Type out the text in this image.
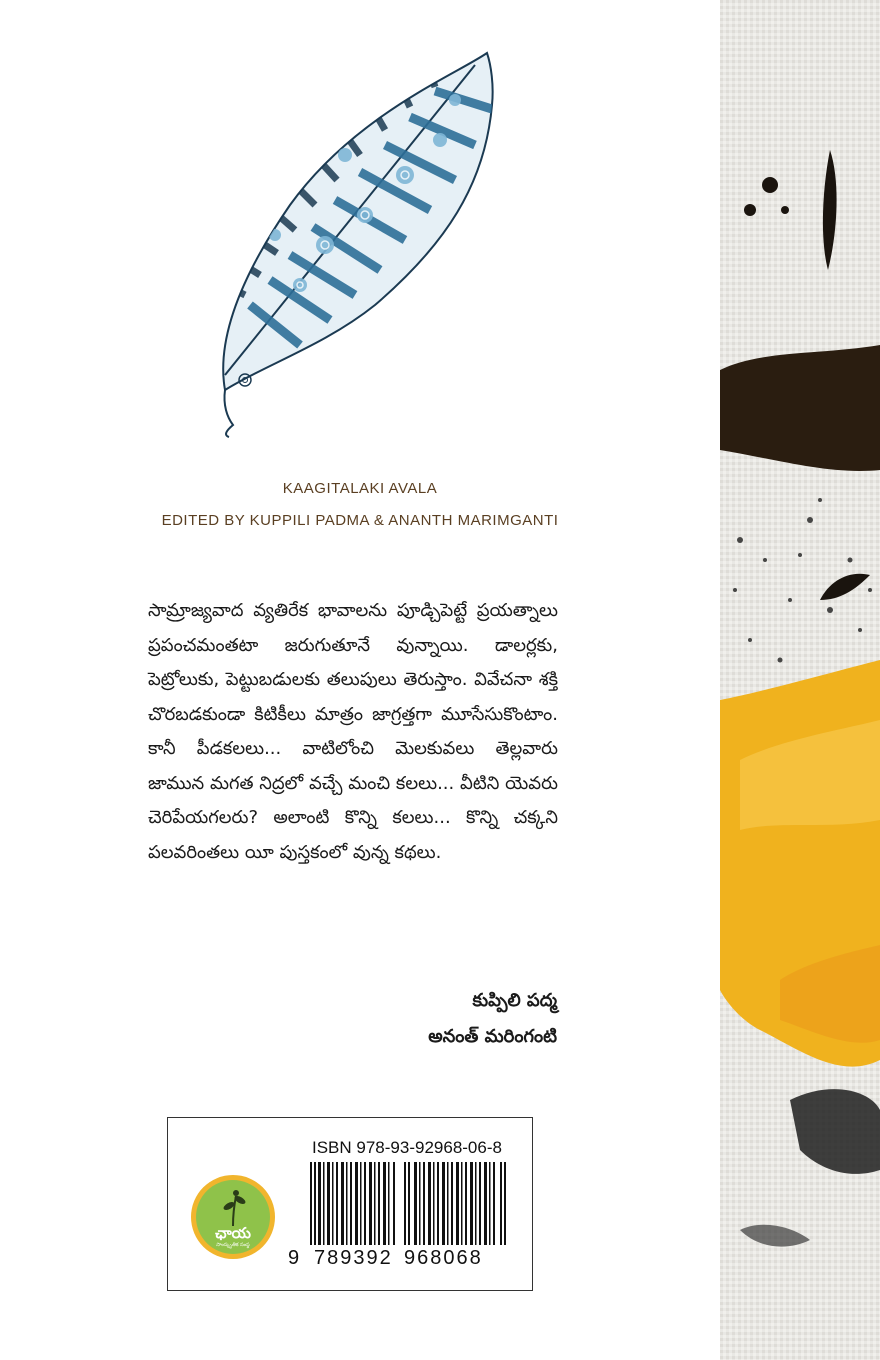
KAAGITALAKI AVALA
EDITED BY KUPPILI PADMA & ANANTH MARIMGANTI

సామ్రాజ్యవాద వ్యతిరేక భావాలను పూడ్చిపెట్టే ప్రయత్నాలు ప్రపంచమంతటా జరుగుతూనే వున్నాయి. డాలర్లకు, పెట్రోలుకు, పెట్టుబడులకు తలుపులు తెరుస్తాం. వివేచనా శక్తి చొరబడకుండా కిటికీలు మాత్రం జాగ్రత్తగా మూసేసుకొంటాం. కానీ పీడకలలు... వాటిలోంచి మెలకువలు తెల్లవారు జామున మగత నిద్రలో వచ్చే మంచి కలలు... వీటిని యెవరు చెరిపేయగలరు? అలాంటి కొన్ని కలలు... కొన్ని చక్కని పలవరింతలు యీ పుస్తకంలో వున్న కథలు.

కుప్పిలి పద్మ
అనంత్ మరింగంటి
ఛాయ
సాంస్కృతిక సంస్థ
ISBN 978-93-92968-06-8
9 789392 968068
